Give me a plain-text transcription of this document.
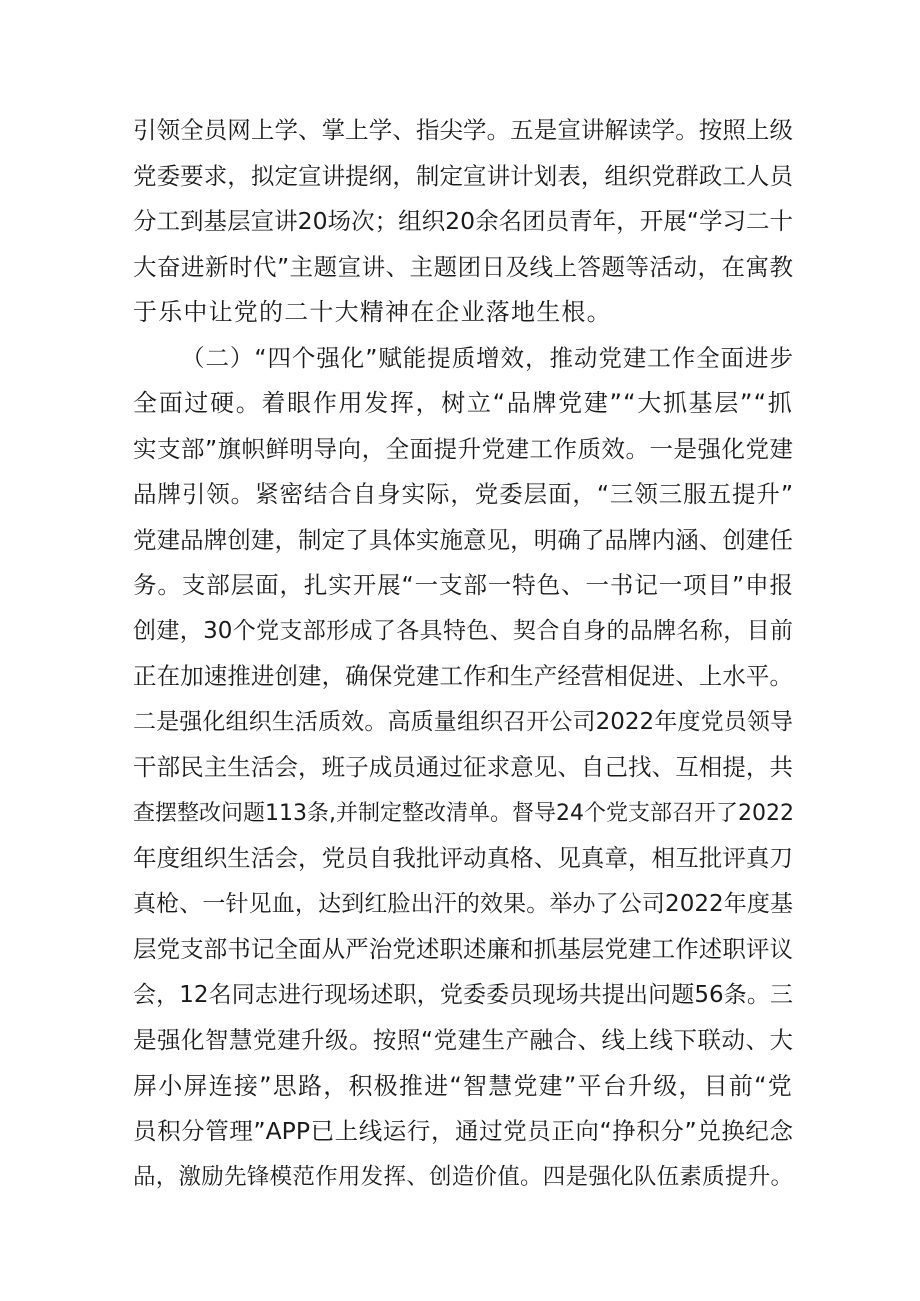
引领全员网上学、掌上学、指尖学。五是宣讲解读学。按照上级
党委要求，拟定宣讲提纲，制定宣讲计划表，组织党群政工人员
分工到基层宣讲20场次；组织20余名团员青年，开展“学习二十
大奋进新时代”主题宣讲、主题团日及线上答题等活动，在寓教
于乐中让党的二十大精神在企业落地生根。
（二）“四个强化”赋能提质增效，推动党建工作全面进步
全面过硬。着眼作用发挥，树立“品牌党建”“大抓基层”“抓
实支部”旗帜鲜明导向，全面提升党建工作质效。一是强化党建
品牌引领。紧密结合自身实际，党委层面，“三领三服五提升”
党建品牌创建，制定了具体实施意见，明确了品牌内涵、创建任
务。支部层面，扎实开展“一支部一特色、一书记一项目”申报
创建，30个党支部形成了各具特色、契合自身的品牌名称，目前
正在加速推进创建，确保党建工作和生产经营相促进、上水平。
二是强化组织生活质效。高质量组织召开公司2022年度党员领导
干部民主生活会，班子成员通过征求意见、自己找、互相提，共
查摆整改问题113条,并制定整改清单。督导24个党支部召开了2022
年度组织生活会，党员自我批评动真格、见真章，相互批评真刀
真枪、一针见血，达到红脸出汗的效果。举办了公司2022年度基
层党支部书记全面从严治党述职述廉和抓基层党建工作述职评议
会，12名同志进行现场述职，党委委员现场共提出问题56条。三
是强化智慧党建升级。按照“党建生产融合、线上线下联动、大
屏小屏连接”思路，积极推进“智慧党建”平台升级，目前“党
员积分管理”APP已上线运行，通过党员正向“挣积分”兑换纪念
品，激励先锋模范作用发挥、创造价值。四是强化队伍素质提升。
